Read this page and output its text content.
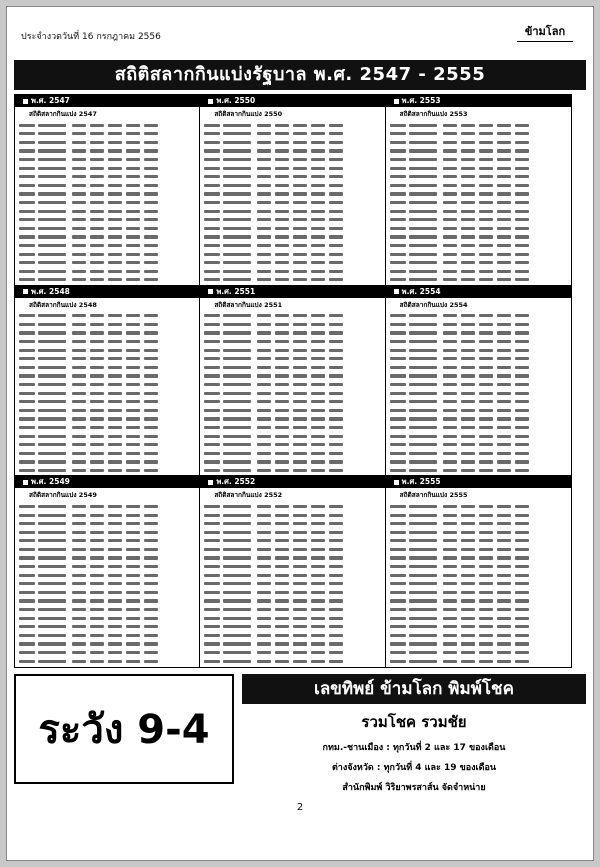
ประจำงวดวันที่ 16 กรกฎาคม 2556	ข้ามโลก
สถิติสลากกินแบ่งรัฐบาล พ.ศ. 2547 - 2555
พ.ศ. 2547
สถิติสลากกินแบ่ง 2547
พ.ศ. 2550
สถิติสลากกินแบ่ง 2550
พ.ศ. 2553
สถิติสลากกินแบ่ง 2553
พ.ศ. 2548
สถิติสลากกินแบ่ง 2548
พ.ศ. 2551
สถิติสลากกินแบ่ง 2551
พ.ศ. 2554
สถิติสลากกินแบ่ง 2554
พ.ศ. 2549
สถิติสลากกินแบ่ง 2549
พ.ศ. 2552
สถิติสลากกินแบ่ง 2552
พ.ศ. 2555
สถิติสลากกินแบ่ง 2555
ระวัง 9-4
เลขทิพย์ ข้ามโลก พิมพ์โชค
รวมโชค รวมชัย
กทม.-ชานเมือง : ทุกวันที่ 2 และ 17 ของเดือน
ต่างจังหวัด : ทุกวันที่ 4 และ 19 ของเดือน
สำนักพิมพ์ วิริยาพรสาส์น จัดจำหน่าย
2
